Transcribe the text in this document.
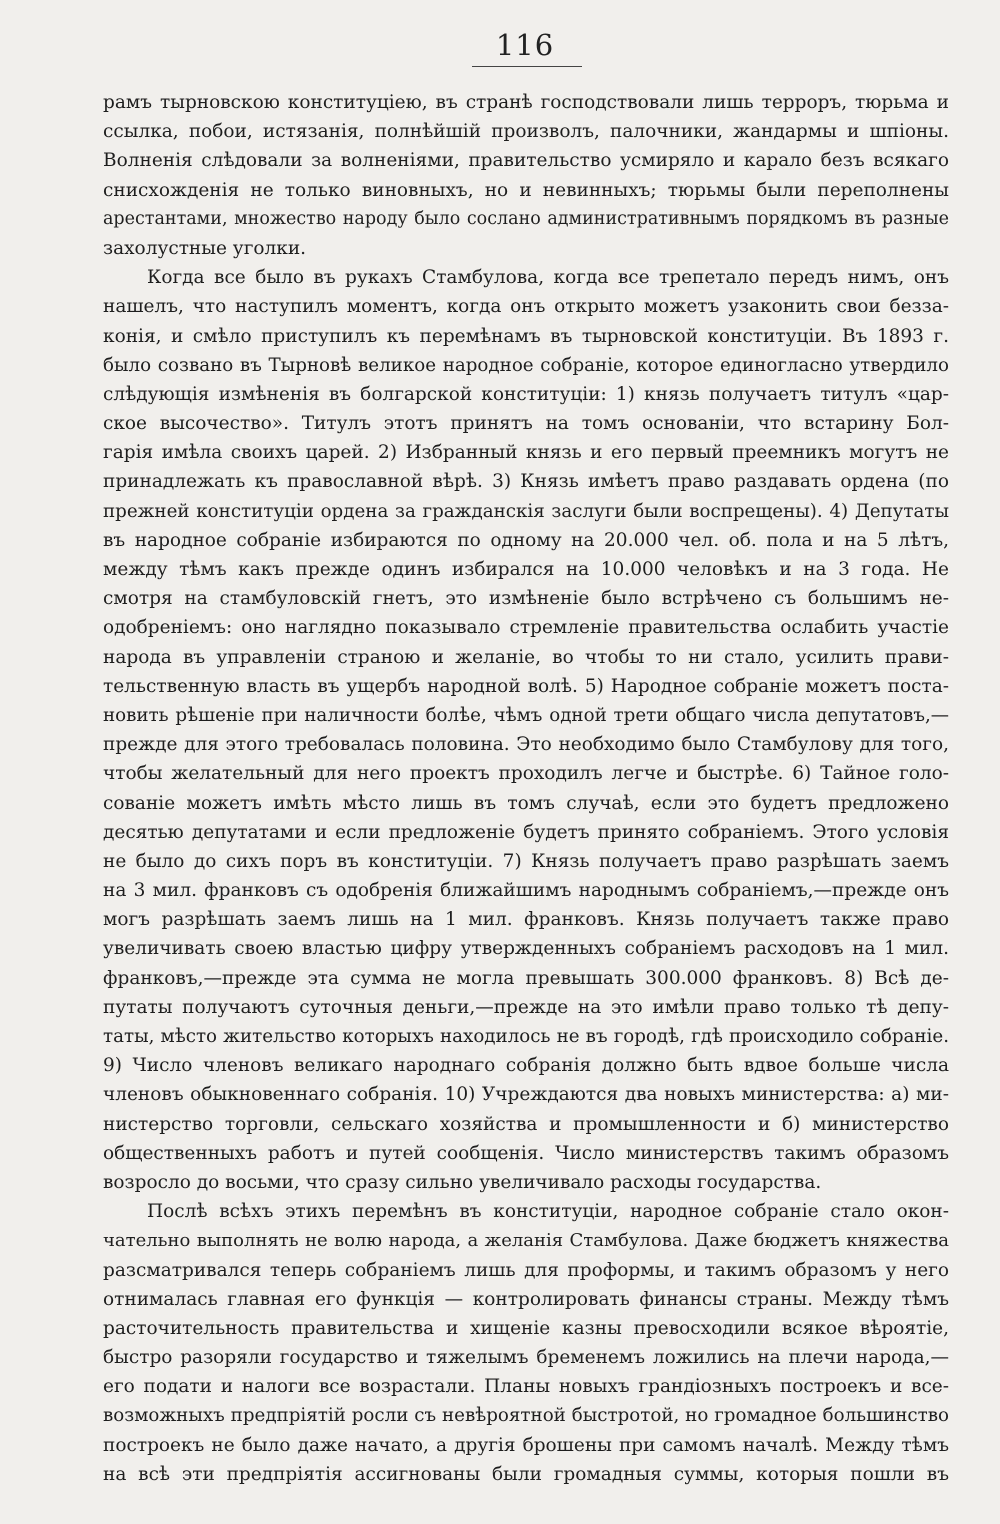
116
рамъ тырновскою конституціею, въ странѣ господствовали лишь терроръ, тюрьма и
ссылка, побои, истязанія, полнѣйшій произволъ, палочники, жандармы и шпіоны.
Волненія слѣдовали за волненіями, правительство усмиряло и карало безъ всякаго
снисхожденія не только виновныхъ, но и невинныхъ; тюрьмы были переполнены
арестантами, множество народу было сослано административнымъ порядкомъ въ разные
захолустные уголки.
Когда все было въ рукахъ Стамбулова, когда все трепетало передъ нимъ, онъ
нашелъ, что наступилъ моментъ, когда онъ открыто можетъ узаконить свои безза-
конія, и смѣло приступилъ къ перемѣнамъ въ тырновской конституціи. Въ 1893 г.
было созвано въ Тырновѣ великое народное собраніе, которое единогласно утвердило
слѣдующія измѣненія въ болгарской конституціи: 1) князь получаетъ титулъ «цар-
ское высочество». Титулъ этотъ принятъ на томъ основаніи, что встарину Бол-
гарія имѣла своихъ царей. 2) Избранный князь и его первый преемникъ могутъ не
принадлежать къ православной вѣрѣ. 3) Князь имѣетъ право раздавать ордена (по
прежней конституціи ордена за гражданскія заслуги были воспрещены). 4) Депутаты
въ народное собраніе избираются по одному на 20.000 чел. об. пола и на 5 лѣтъ,
между тѣмъ какъ прежде одинъ избирался на 10.000 человѣкъ и на 3 года. Не
смотря на стамбуловскій гнетъ, это измѣненіе было встрѣчено съ большимъ не-
одобреніемъ: оно наглядно показывало стремленіе правительства ослабить участіе
народа въ управленіи страною и желаніе, во чтобы то ни стало, усилить прави-
тельственную власть въ ущербъ народной волѣ. 5) Народное собраніе можетъ поста-
новить рѣшеніе при наличности болѣе, чѣмъ одной трети общаго числа депутатовъ,—
прежде для этого требовалась половина. Это необходимо было Стамбулову для того,
чтобы желательный для него проектъ проходилъ легче и быстрѣе. 6) Тайное голо-
сованіе можетъ имѣть мѣсто лишь въ томъ случаѣ, если это будетъ предложено
десятью депутатами и если предложеніе будетъ принято собраніемъ. Этого условія
не было до сихъ поръ въ конституціи. 7) Князь получаетъ право разрѣшать заемъ
на 3 мил. франковъ съ одобренія ближайшимъ народнымъ собраніемъ,—прежде онъ
могъ разрѣшать заемъ лишь на 1 мил. франковъ. Князь получаетъ также право
увеличивать своею властью цифру утвержденныхъ собраніемъ расходовъ на 1 мил.
франковъ,—прежде эта сумма не могла превышать 300.000 франковъ. 8) Всѣ де-
путаты получаютъ суточныя деньги,—прежде на это имѣли право только тѣ депу-
таты, мѣсто жительство которыхъ находилось не въ городѣ, гдѣ происходило собраніе.
9) Число членовъ великаго народнаго собранія должно быть вдвое больше числа
членовъ обыкновеннаго собранія. 10) Учреждаются два новыхъ министерства: а) ми-
нистерство торговли, сельскаго хозяйства и промышленности и б) министерство
общественныхъ работъ и путей сообщенія. Число министерствъ такимъ образомъ
возросло до восьми, что сразу сильно увеличивало расходы государства.
Послѣ всѣхъ этихъ перемѣнъ въ конституціи, народное собраніе стало окон-
чательно выполнять не волю народа, а желанія Стамбулова. Даже бюджетъ княжества
разсматривался теперь собраніемъ лишь для проформы, и такимъ образомъ у него
отнималась главная его функція — контролировать финансы страны. Между тѣмъ
расточительность правительства и хищеніе казны превосходили всякое вѣроятіе,
быстро разоряли государство и тяжелымъ бременемъ ложились на плечи народа,—
его подати и налоги все возрастали. Планы новыхъ грандіозныхъ построекъ и все-
возможныхъ предпріятій росли съ невѣроятной быстротой, но громадное большинство
построекъ не было даже начато, а другія брошены при самомъ началѣ. Между тѣмъ
на всѣ эти предпріятія ассигнованы были громадныя суммы, которыя пошли въ
